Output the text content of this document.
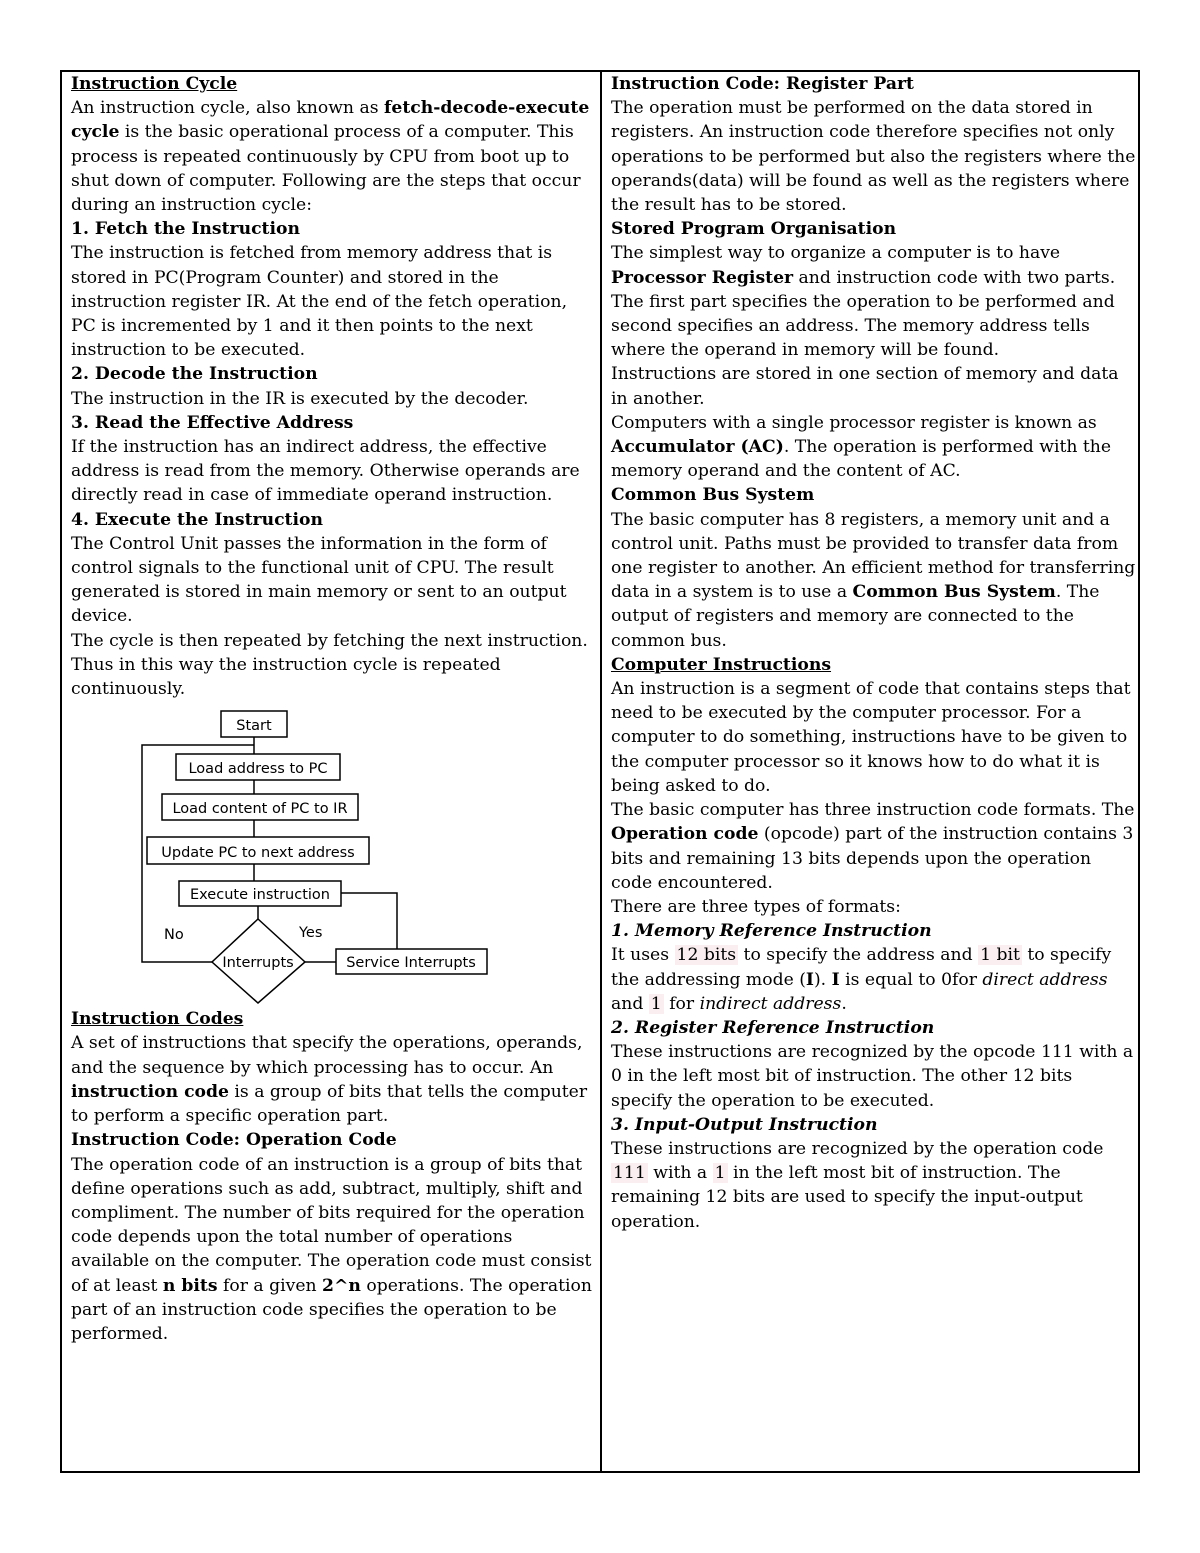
Instruction Cycle

An instruction cycle, also known as fetch-decode-execute cycle is the basic operational process of a computer. This process is repeated continuously by CPU from boot up to shut down of computer. Following are the steps that occur during an instruction cycle:

1. Fetch the Instruction

The instruction is fetched from memory address that is stored in PC(Program Counter) and stored in the instruction register IR. At the end of the fetch operation, PC is incremented by 1 and it then points to the next instruction to be executed.

2. Decode the Instruction

The instruction in the IR is executed by the decoder.

3. Read the Effective Address

If the instruction has an indirect address, the effective address is read from the memory. Otherwise operands are directly read in case of immediate operand instruction.

4. Execute the Instruction

The Control Unit passes the information in the form of control signals to the functional unit of CPU. The result generated is stored in main memory or sent to an output device.

The cycle is then repeated by fetching the next instruction. Thus in this way the instruction cycle is repeated continuously.

Start
Load address to PC
Load content of PC to IR
Update PC to next address
Execute instruction
Interrupts	Service Interrupts
No	Yes

Instruction Codes

A set of instructions that specify the operations, operands, and the sequence by which processing has to occur. An instruction code is a group of bits that tells the computer to perform a specific operation part.

Instruction Code: Operation Code

The operation code of an instruction is a group of bits that define operations such as add, subtract, multiply, shift and compliment. The number of bits required for the operation code depends upon the total number of operations available on the computer. The operation code must consist of at least n bits for a given 2^n operations. The operation part of an instruction code specifies the operation to be performed.

Instruction Code: Register Part

The operation must be performed on the data stored in registers. An instruction code therefore specifies not only operations to be performed but also the registers where the operands(data) will be found as well as the registers where the result has to be stored.

Stored Program Organisation

The simplest way to organize a computer is to have Processor Register and instruction code with two parts. The first part specifies the operation to be performed and second specifies an address. The memory address tells where the operand in memory will be found.

Instructions are stored in one section of memory and data in another.

Computers with a single processor register is known as Accumulator (AC). The operation is performed with the memory operand and the content of AC.

Common Bus System

The basic computer has 8 registers, a memory unit and a control unit. Paths must be provided to transfer data from one register to another. An efficient method for transferring data in a system is to use a Common Bus System. The output of registers and memory are connected to the common bus.

Computer Instructions

An instruction is a segment of code that contains steps that need to be executed by the computer processor. For a computer to do something, instructions have to be given to the computer processor so it knows how to do what it is being asked to do.

The basic computer has three instruction code formats. The Operation code (opcode) part of the instruction contains 3 bits and remaining 13 bits depends upon the operation code encountered.

There are three types of formats:

1. Memory Reference Instruction

It uses 12 bits to specify the address and 1 bit to specify the addressing mode (I). I is equal to 0for direct address and 1 for indirect address.

2. Register Reference Instruction

These instructions are recognized by the opcode 111 with a 0 in the left most bit of instruction. The other 12 bits specify the operation to be executed.

3. Input-Output Instruction

These instructions are recognized by the operation code 111 with a 1 in the left most bit of instruction. The remaining 12 bits are used to specify the input-output operation.
